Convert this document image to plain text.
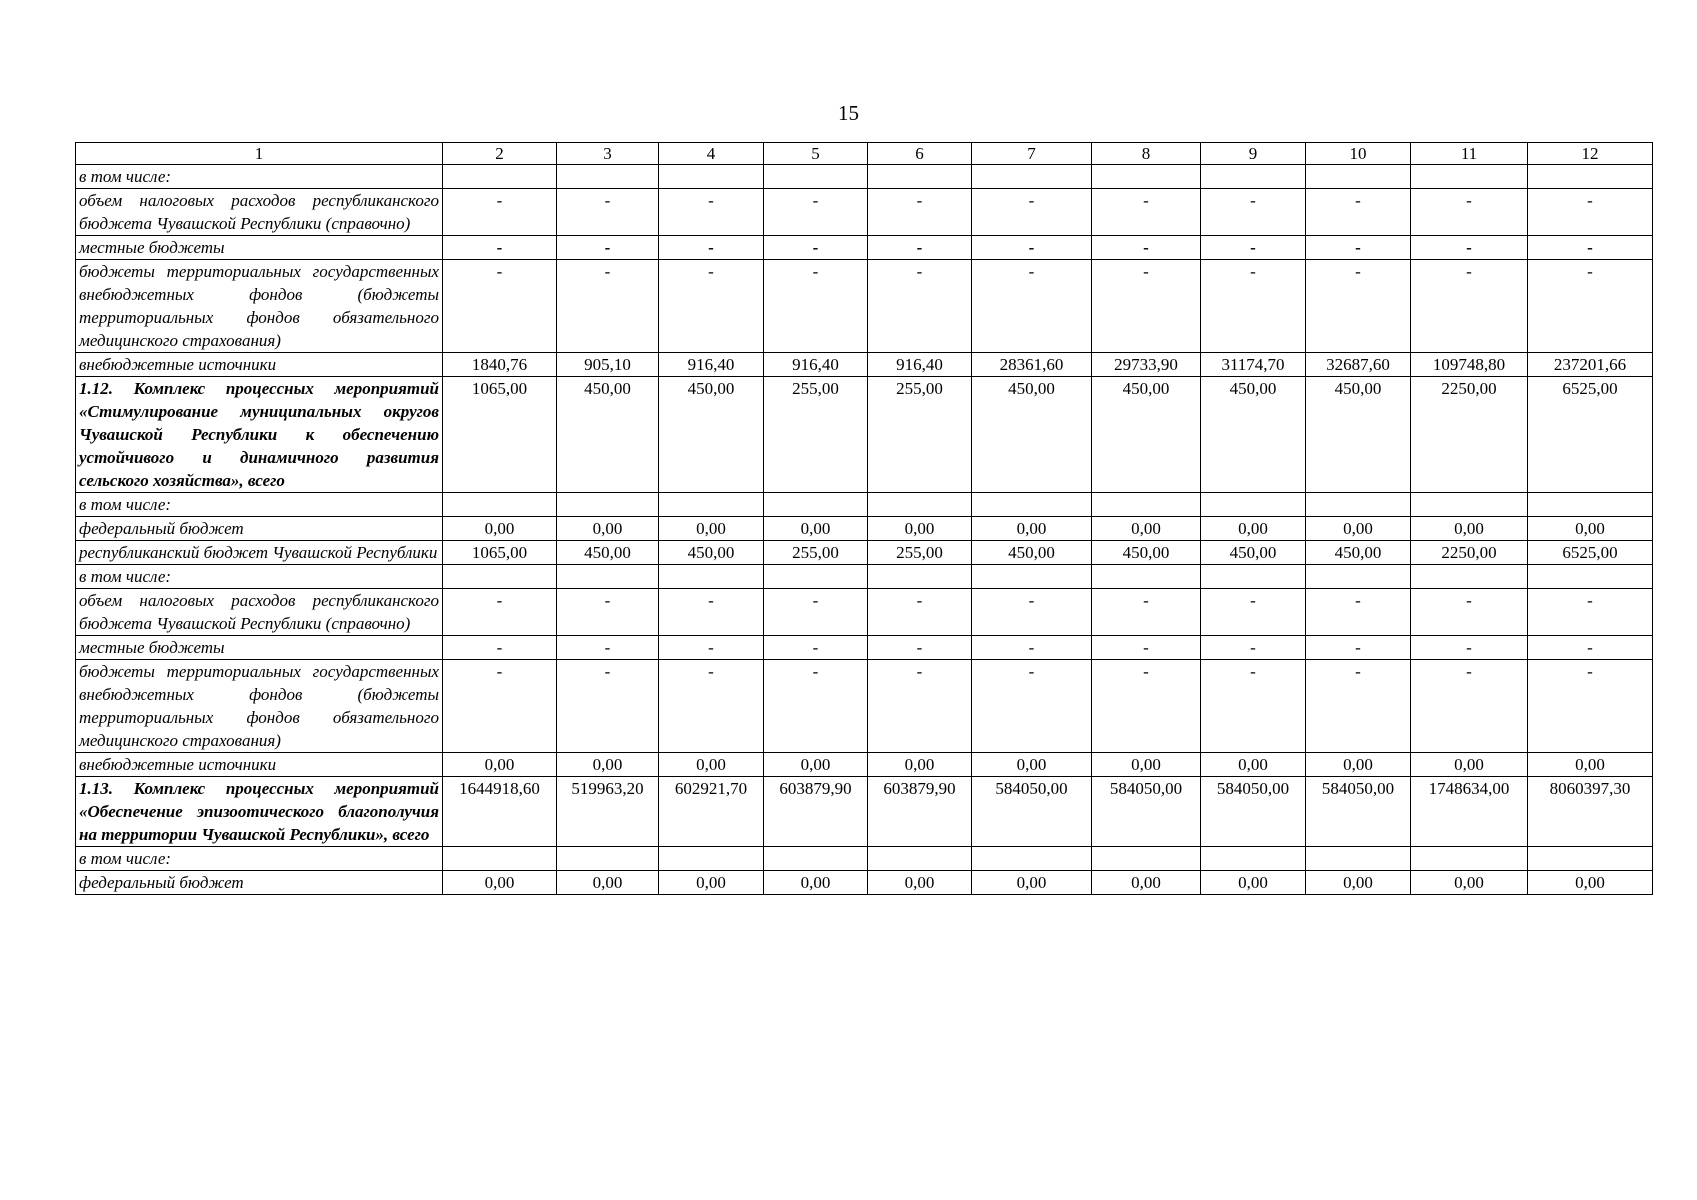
15
1	2	3	4	5	6	7	8	9	10	11	12
в том числе:											
объем налоговых расходов республиканского бюджета Чувашской Республики (справочно)	-	-	-	-	-	-	-	-	-	-	-
местные бюджеты	-	-	-	-	-	-	-	-	-	-	-
бюджеты территориальных государственных внебюджетных фондов (бюджеты территориальных фондов обязательного медицинского страхования)	-	-	-	-	-	-	-	-	-	-	-
внебюджетные источники	1840,76	905,10	916,40	916,40	916,40	28361,60	29733,90	31174,70	32687,60	109748,80	237201,66
1.12. Комплекс процессных мероприятий «Стимулирование муниципальных округов Чувашской Республики к обеспечению устойчивого и динамичного развития сельского хозяйства», всего	1065,00	450,00	450,00	255,00	255,00	450,00	450,00	450,00	450,00	2250,00	6525,00
в том числе:											
федеральный бюджет	0,00	0,00	0,00	0,00	0,00	0,00	0,00	0,00	0,00	0,00	0,00
республиканский бюджет Чувашской Республики	1065,00	450,00	450,00	255,00	255,00	450,00	450,00	450,00	450,00	2250,00	6525,00
в том числе:											
объем налоговых расходов республиканского бюджета Чувашской Республики (справочно)	-	-	-	-	-	-	-	-	-	-	-
местные бюджеты	-	-	-	-	-	-	-	-	-	-	-
бюджеты территориальных государственных внебюджетных фондов (бюджеты территориальных фондов обязательного медицинского страхования)	-	-	-	-	-	-	-	-	-	-	-
внебюджетные источники	0,00	0,00	0,00	0,00	0,00	0,00	0,00	0,00	0,00	0,00	0,00
1.13. Комплекс процессных мероприятий «Обеспечение эпизоотического благополучия на территории Чувашской Республики», всего	1644918,60	519963,20	602921,70	603879,90	603879,90	584050,00	584050,00	584050,00	584050,00	1748634,00	8060397,30
в том числе:											
федеральный бюджет	0,00	0,00	0,00	0,00	0,00	0,00	0,00	0,00	0,00	0,00	0,00
